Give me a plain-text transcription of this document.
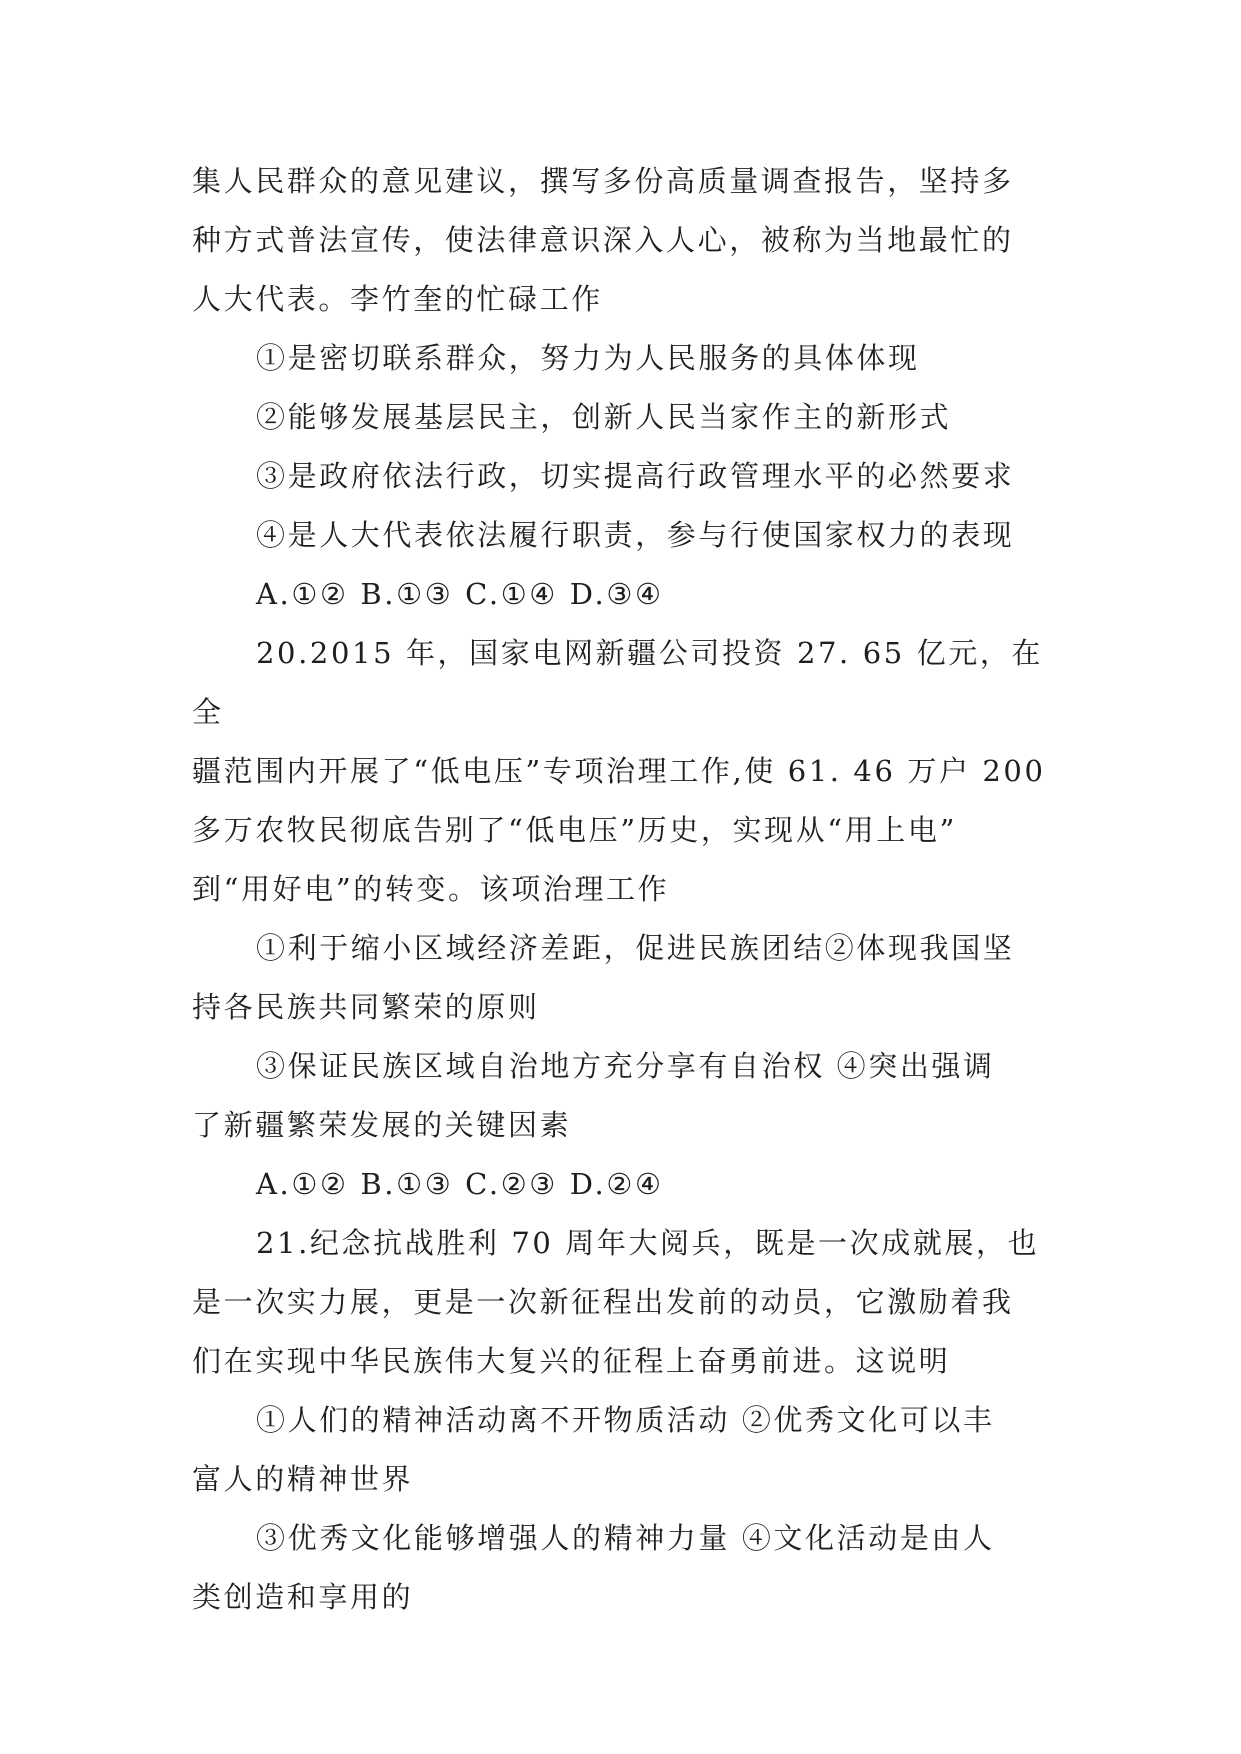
集人民群众的意见建议，撰写多份高质量调查报告，坚持多

种方式普法宣传，使法律意识深入人心，被称为当地最忙的

人大代表。李竹奎的忙碌工作

①是密切联系群众，努力为人民服务的具体体现

②能够发展基层民主，创新人民当家作主的新形式

③是政府依法行政，切实提高行政管理水平的必然要求

④是人大代表依法履行职责，参与行使国家权力的表现

A.①② B.①③ C.①④ D.③④

20.2015 年，国家电网新疆公司投资 27. 65 亿元，在全

疆范围内开展了“低电压”专项治理工作,使 61. 46 万户 200

多万农牧民彻底告别了“低电压”历史，实现从“用上电”

到“用好电”的转变。该项治理工作

①利于缩小区域经济差距，促进民族团结②体现我国坚

持各民族共同繁荣的原则

③保证民族区域自治地方充分享有自治权 ④突出强调

了新疆繁荣发展的关键因素

A.①② B.①③ C.②③ D.②④

21.纪念抗战胜利 70 周年大阅兵，既是一次成就展，也

是一次实力展，更是一次新征程出发前的动员，它激励着我

们在实现中华民族伟大复兴的征程上奋勇前进。这说明

①人们的精神活动离不开物质活动 ②优秀文化可以丰

富人的精神世界

③优秀文化能够增强人的精神力量 ④文化活动是由人

类创造和享用的
